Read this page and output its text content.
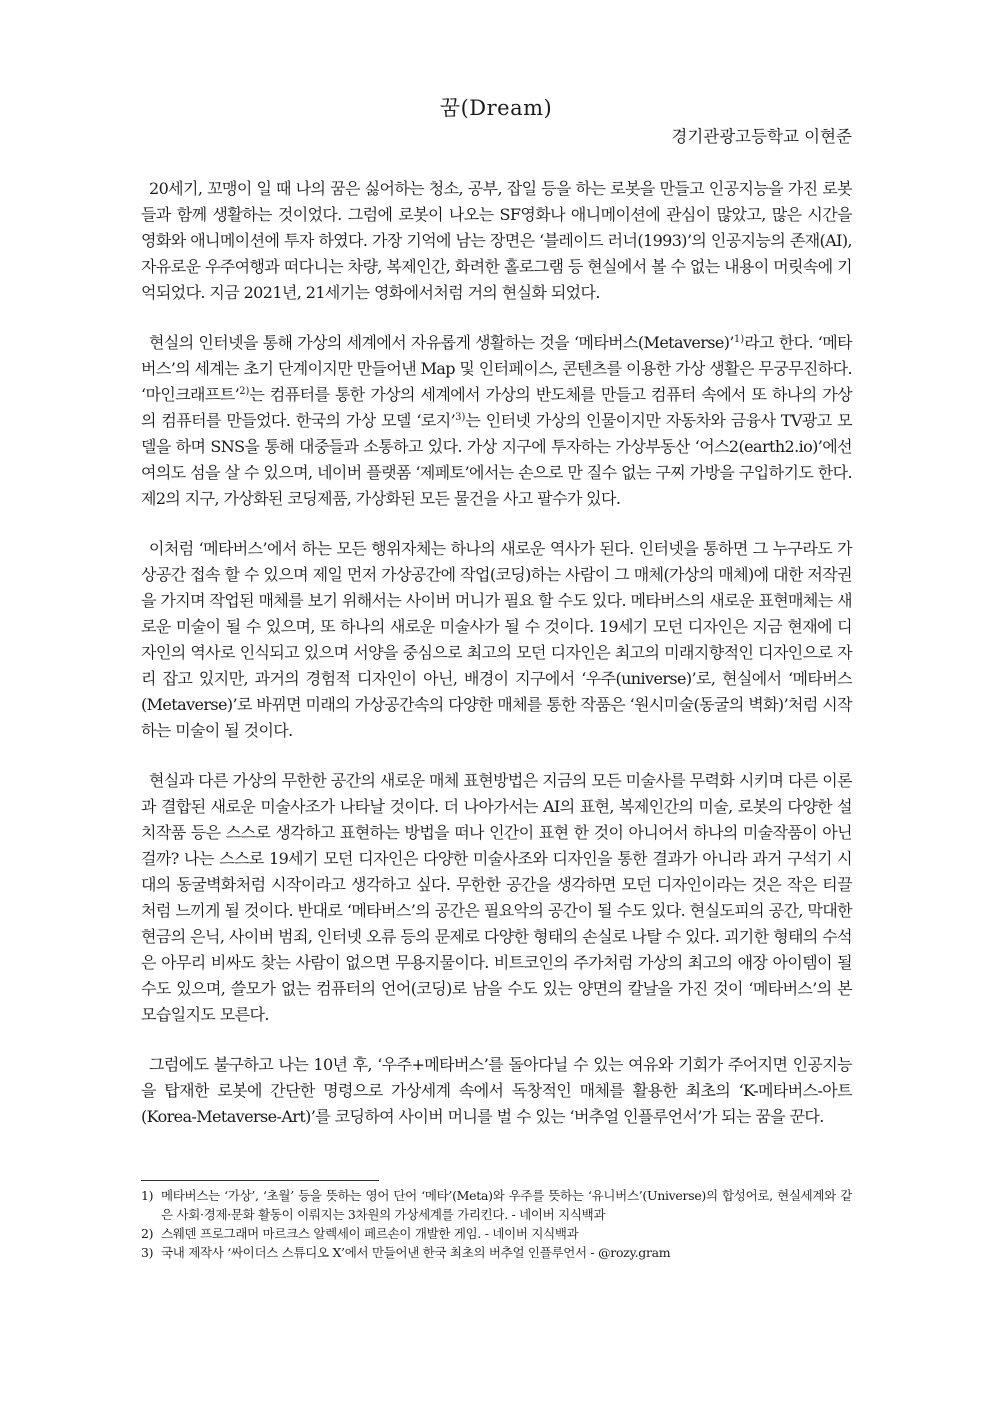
꿈(Dream)
경기관광고등학교 이현준

20세기, 꼬맹이 일 때 나의 꿈은 싫어하는 청소, 공부, 잡일 등을 하는 로봇을 만들고 인공지능을 가진 로봇들과 함께 생활하는 것이었다. 그럼에 로봇이 나오는 SF영화나 애니메이션에 관심이 많았고, 많은 시간을 영화와 애니메이션에 투자 하였다. 가장 기억에 남는 장면은 ‘블레이드 러너(1993)’의 인공지능의 존재(AI), 자유로운 우주여행과 떠다니는 차량, 복제인간, 화려한 홀로그램 등 현실에서 볼 수 없는 내용이 머릿속에 기억되었다. 지금 2021년, 21세기는 영화에서처럼 거의 현실화 되었다.

현실의 인터넷을 통해 가상의 세계에서 자유롭게 생활하는 것을 ‘메타버스(Metaverse)’$^{1)}$라고 한다. ‘메타버스’의 세계는 초기 단계이지만 만들어낸 Map 및 인터페이스, 콘텐츠를 이용한 가상 생활은 무궁무진하다. ‘마인크래프트’$^{2)}$는 컴퓨터를 통한 가상의 세계에서 가상의 반도체를 만들고 컴퓨터 속에서 또 하나의 가상의 컴퓨터를 만들었다. 한국의 가상 모델 ‘로지’$^{3)}$는 인터넷 가상의 인물이지만 자동차와 금융사 TV광고 모델을 하며 SNS을 통해 대중들과 소통하고 있다. 가상 지구에 투자하는 가상부동산 ‘어스2(earth2.io)’에선 여의도 섬을 살 수 있으며, 네이버 플랫폼 ‘제페토’에서는 손으로 만 질수 없는 구찌 가방을 구입하기도 한다. 제2의 지구, 가상화된 코딩제품, 가상화된 모든 물건을 사고 팔수가 있다.

이처럼 ‘메타버스’에서 하는 모든 행위자체는 하나의 새로운 역사가 된다. 인터넷을 통하면 그 누구라도 가상공간 접속 할 수 있으며 제일 먼저 가상공간에 작업(코딩)하는 사람이 그 매체(가상의 매체)에 대한 저작권을 가지며 작업된 매체를 보기 위해서는 사이버 머니가 필요 할 수도 있다. 메타버스의 새로운 표현매체는 새로운 미술이 될 수 있으며, 또 하나의 새로운 미술사가 될 수 것이다. 19세기 모던 디자인은 지금 현재에 디자인의 역사로 인식되고 있으며 서양을 중심으로 최고의 모던 디자인은 최고의 미래지향적인 디자인으로 자리 잡고 있지만, 과거의 경험적 디자인이 아닌, 배경이 지구에서 ‘우주(universe)’로, 현실에서 ‘메타버스(Metaverse)’로 바뀌면 미래의 가상공간속의 다양한 매체를 통한 작품은 ‘원시미술(동굴의 벽화)’처럼 시작하는 미술이 될 것이다.

현실과 다른 가상의 무한한 공간의 새로운 매체 표현방법은 지금의 모든 미술사를 무력화 시키며 다른 이론과 결합된 새로운 미술사조가 나타날 것이다. 더 나아가서는 AI의 표현, 복제인간의 미술, 로봇의 다양한 설치작품 등은 스스로 생각하고 표현하는 방법을 떠나 인간이 표현 한 것이 아니어서 하나의 미술작품이 아닌 걸까? 나는 스스로 19세기 모던 디자인은 다양한 미술사조와 디자인을 통한 결과가 아니라 과거 구석기 시대의 동굴벽화처럼 시작이라고 생각하고 싶다. 무한한 공간을 생각하면 모던 디자인이라는 것은 작은 티끌처럼 느끼게 될 것이다. 반대로 ‘메타버스’의 공간은 필요악의 공간이 될 수도 있다. 현실도피의 공간, 막대한 현금의 은닉, 사이버 범죄, 인터넷 오류 등의 문제로 다양한 형태의 손실로 나탈 수 있다. 괴기한 형태의 수석은 아무리 비싸도 찾는 사람이 없으면 무용지물이다. 비트코인의 주가처럼 가상의 최고의 애장 아이템이 될 수도 있으며, 쓸모가 없는 컴퓨터의 언어(코딩)로 남을 수도 있는 양면의 칼날을 가진 것이 ‘메타버스’의 본 모습일지도 모른다.

그럼에도 불구하고 나는 10년 후, ‘우주+메타버스’를 돌아다닐 수 있는 여유와 기회가 주어지면 인공지능을 탑재한 로봇에 간단한 명령으로 가상세계 속에서 독창적인 매체를 활용한 최초의 ‘K-메타버스-아트(Korea-Metaverse-Art)’를 코딩하여 사이버 머니를 벌 수 있는 ‘버추얼 인플루언서’가 되는 꿈을 꾼다.

1) 메타버스는 ‘가상’, ‘초월’ 등을 뜻하는 영어 단어 ‘메타’(Meta)와 우주를 뜻하는 ‘유니버스’(Universe)의 합성어로, 현실세계와 같은 사회·경제·문화 활동이 이뤄지는 3차원의 가상세계를 가리킨다. - 네이버 지식백과
2) 스웨덴 프로그래머 마르크스 알렉세이 페르손이 개발한 게임. - 네이버 지식백과
3) 국내 제작사 ‘싸이더스 스튜디오 X’에서 만들어낸 한국 최초의 버추얼 인플루언서 - @rozy.gram
